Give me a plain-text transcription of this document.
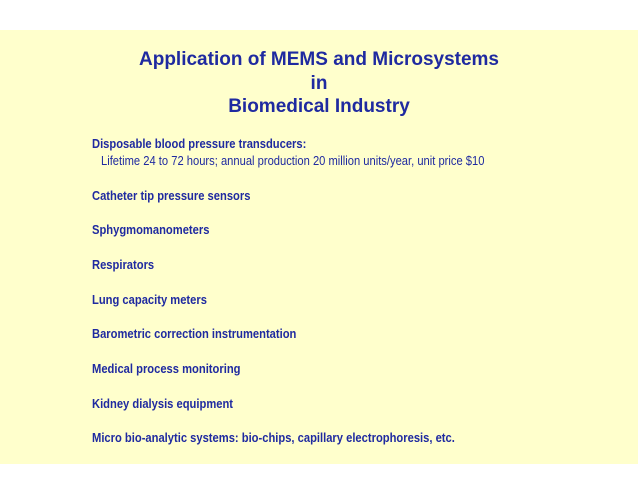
Application of MEMS and Microsystems
in
Biomedical Industry
Disposable blood pressure transducers:
Lifetime 24 to 72 hours; annual production 20 million units/year, unit price $10
Catheter tip pressure sensors
Sphygmomanometers
Respirators
Lung capacity meters
Barometric correction instrumentation
Medical process monitoring
Kidney dialysis equipment
Micro bio-analytic systems: bio-chips, capillary electrophoresis, etc.
